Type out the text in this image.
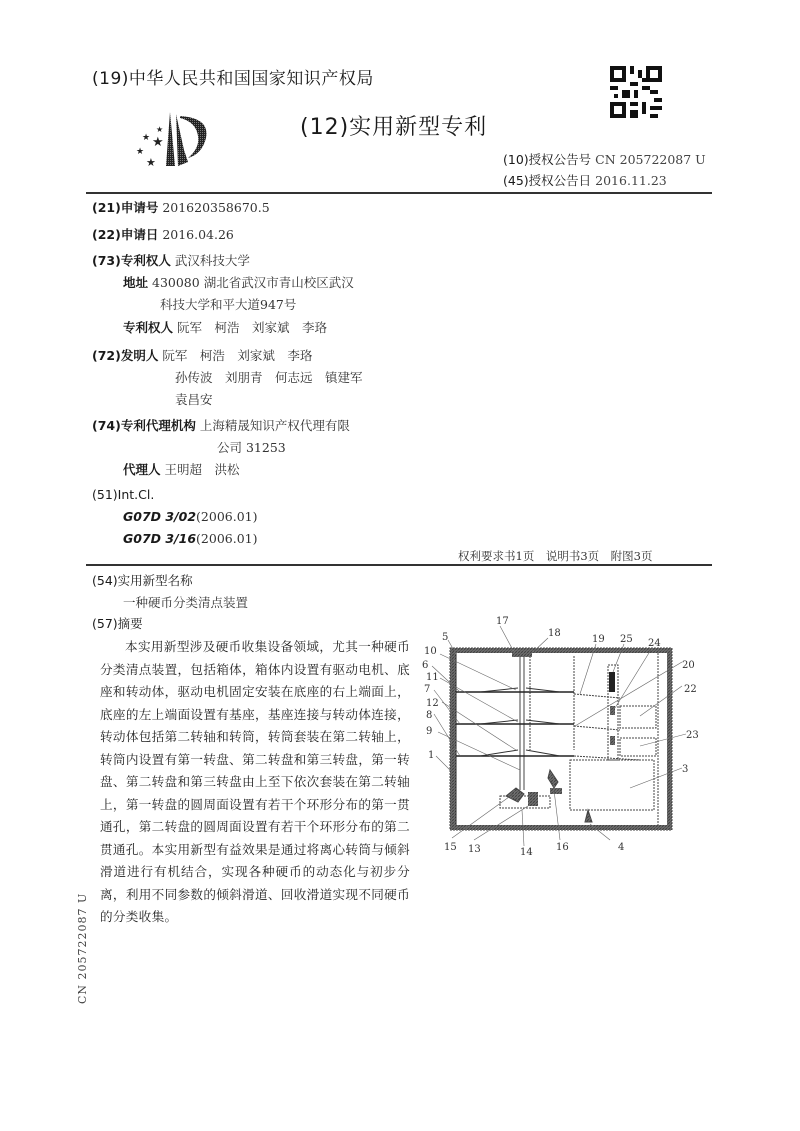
(19)中华人民共和国国家知识产权局
★
★ ★
★
★
(12)实用新型专利
(10)授权公告号 CN 205722087 U
(45)授权公告日 2016.11.23
(21)申请号 201620358670.5
(22)申请日 2016.04.26
(73)专利权人 武汉科技大学
地址 430080 湖北省武汉市青山校区武汉
科技大学和平大道947号
专利权人 阮军　柯浩　刘家斌　李珞
(72)发明人 阮军　柯浩　刘家斌　李珞
孙传波　刘朋青　何志远　镇建军
袁昌安
(74)专利代理机构 上海精晟知识产权代理有限
公司 31253
代理人 王明超　洪松
(51)Int.Cl.
G07D 3/02(2006.01)
G07D 3/16(2006.01)
权利要求书1页　说明书3页　附图3页
(54)实用新型名称
一种硬币分类清点装置
(57)摘要
本实用新型涉及硬币收集设备领域，尤其一种硬币分类清点装置，包括箱体，箱体内设置有驱动电机、底座和转动体，驱动电机固定安装在底座的右上端面上，底座的左上端面设置有基座，基座连接与转动体连接，转动体包括第二转轴和转筒，转筒套装在第二转轴上，转筒内设置有第一转盘、第二转盘和第三转盘，第一转盘、第二转盘和第三转盘由上至下依次套装在第二转轴上，第一转盘的圆周面设置有若干个环形分布的第一贯通孔，第二转盘的圆周面设置有若干个环形分布的第二贯通孔。本实用新型有益效果是通过将离心转筒与倾斜滑道进行有机结合，实现各种硬币的动态化与初步分离，利用不同参数的倾斜滑道、回收滑道实现不同硬币的分类收集。
17
18
19 25 24
20
22
23
3
5
10
6
11
7
12
8
9
1
15 13	14 16	4
CN 205722087 U
